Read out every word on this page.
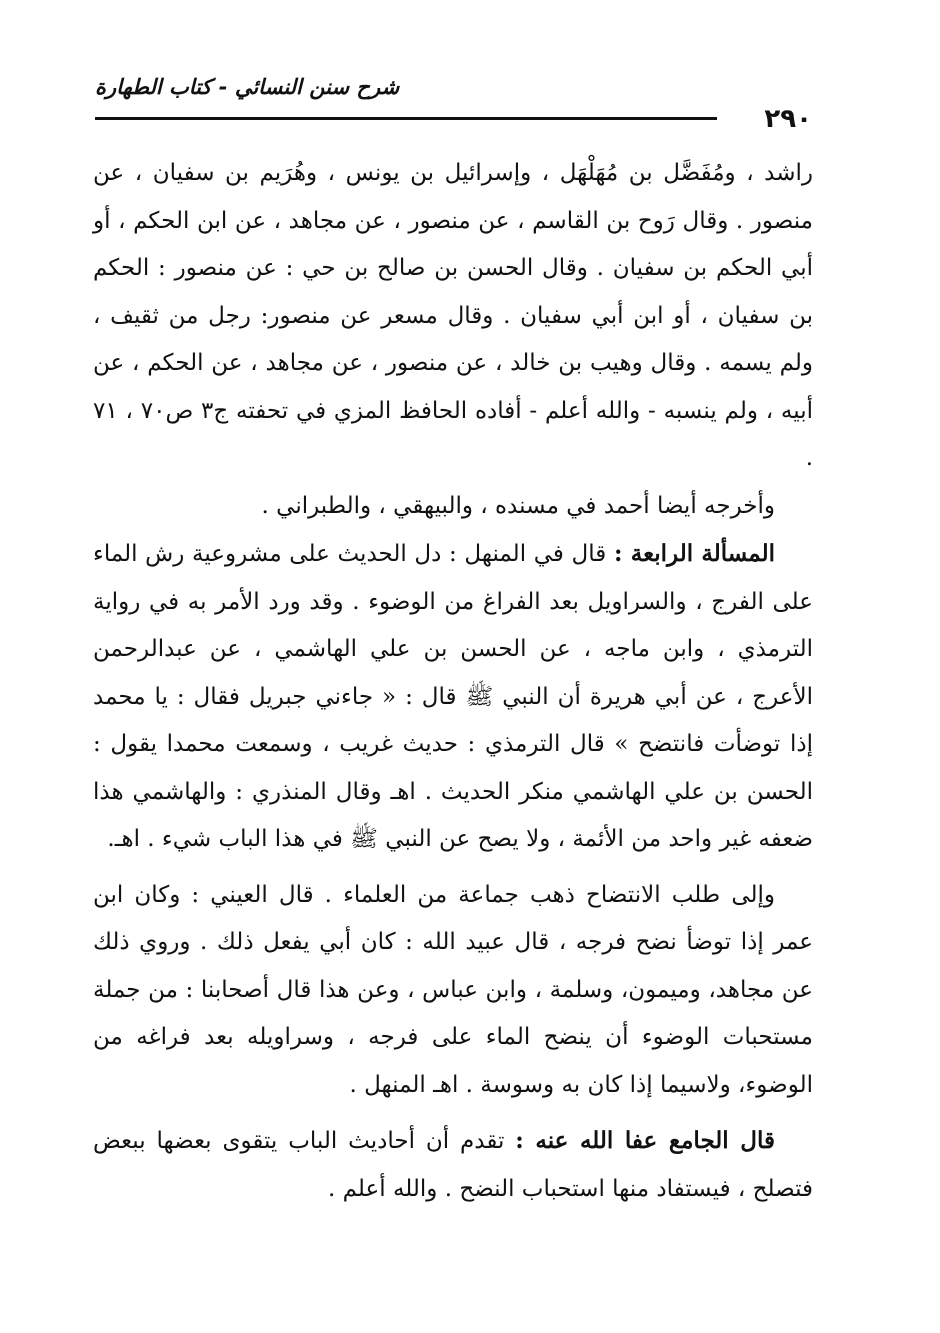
شرح سنن النسائي - كتاب الطهارة
٢٩٠

راشد ، ومُفَضَّل بن مُهَلْهَل ، وإسرائيل بن يونس ، وهُرَيم بن سفيان ، عن منصور . وقال رَوح بن القاسم ، عن منصور ، عن مجاهد ، عن ابن الحكم ، أو أبي الحكم بن سفيان . وقال الحسن بن صالح بن حي : عن منصور : الحكم بن سفيان ، أو ابن أبي سفيان . وقال مسعر عن منصور: رجل من ثقيف ، ولم يسمه . وقال وهيب بن خالد ، عن منصور ، عن مجاهد ، عن الحكم ، عن أبيه ، ولم ينسبه - والله أعلم - أفاده الحافظ المزي في تحفته ج٣ ص٧٠ ، ٧١ .

وأخرجه أيضا أحمد في مسنده ، والبيهقي ، والطبراني .

المسألة الرابعة : قال في المنهل : دل الحديث على مشروعية رش الماء على الفرج ، والسراويل بعد الفراغ من الوضوء . وقد ورد الأمر به في رواية الترمذي ، وابن ماجه ، عن الحسن بن علي الهاشمي ، عن عبدالرحمن الأعرج ، عن أبي هريرة أن النبي ﷺ قال : « جاءني جبريل فقال : يا محمد إذا توضأت فانتضح » قال الترمذي : حديث غريب ، وسمعت محمدا يقول : الحسن بن علي الهاشمي منكر الحديث . اهـ وقال المنذري : والهاشمي هذا ضعفه غير واحد من الأئمة ، ولا يصح عن النبي ﷺ في هذا الباب شيء . اهـ.

وإلى طلب الانتضاح ذهب جماعة من العلماء . قال العيني : وكان ابن عمر إذا توضأ نضح فرجه ، قال عبيد الله : كان أبي يفعل ذلك . وروي ذلك عن مجاهد، وميمون، وسلمة ، وابن عباس ، وعن هذا قال أصحابنا : من جملة مستحبات الوضوء أن ينضح الماء على فرجه ، وسراويله بعد فراغه من الوضوء، ولاسيما إذا كان به وسوسة . اهـ المنهل .

قال الجامع عفا الله عنه : تقدم أن أحاديث الباب يتقوى بعضها ببعض فتصلح ، فيستفاد منها استحباب النضح . والله أعلم .
